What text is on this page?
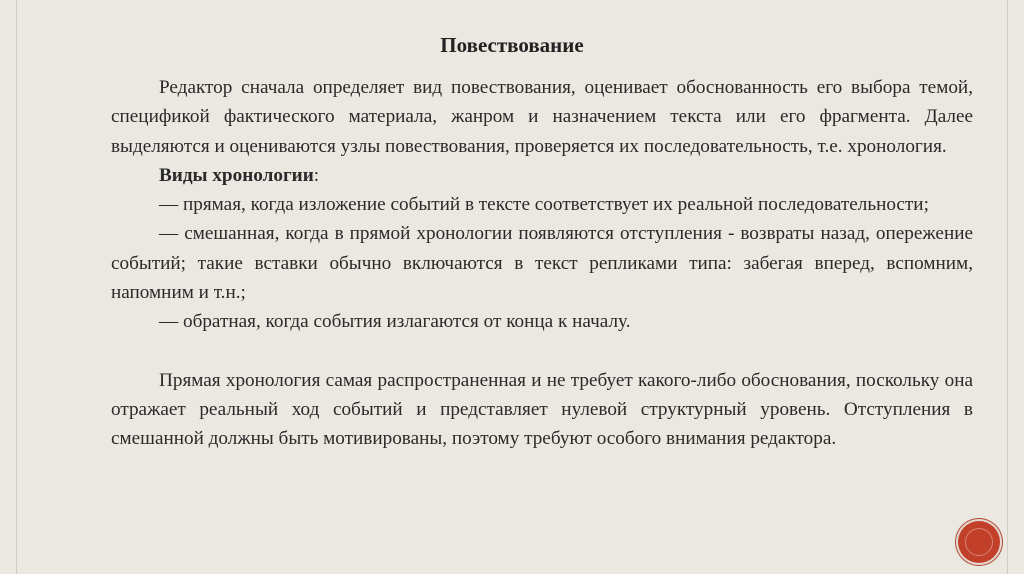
Повествование

Редактор сначала определяет вид повествования, оценивает обоснованность его выбора темой, спецификой фактического материала, жанром и назначением текста или его фрагмента. Далее выделяются и оцениваются узлы повествования, проверяется их последовательность, т.е. хронология.

Виды хронологии:

— прямая, когда изложение событий в тексте соответствует их реальной последовательности;

— смешанная, когда в прямой хронологии появляются отступления - возвраты назад, опережение событий; такие вставки обычно включаются в текст репликами типа: забегая вперед, вспомним, напомним и т.н.;

— обратная, когда события излагаются от конца к началу.

Прямая хронология самая распространенная и не требует какого-либо обоснования, поскольку она отражает реальный ход событий и представляет нулевой структурный уровень. Отступления в смешанной должны быть мотивированы, поэтому требуют особого внимания редактора.
